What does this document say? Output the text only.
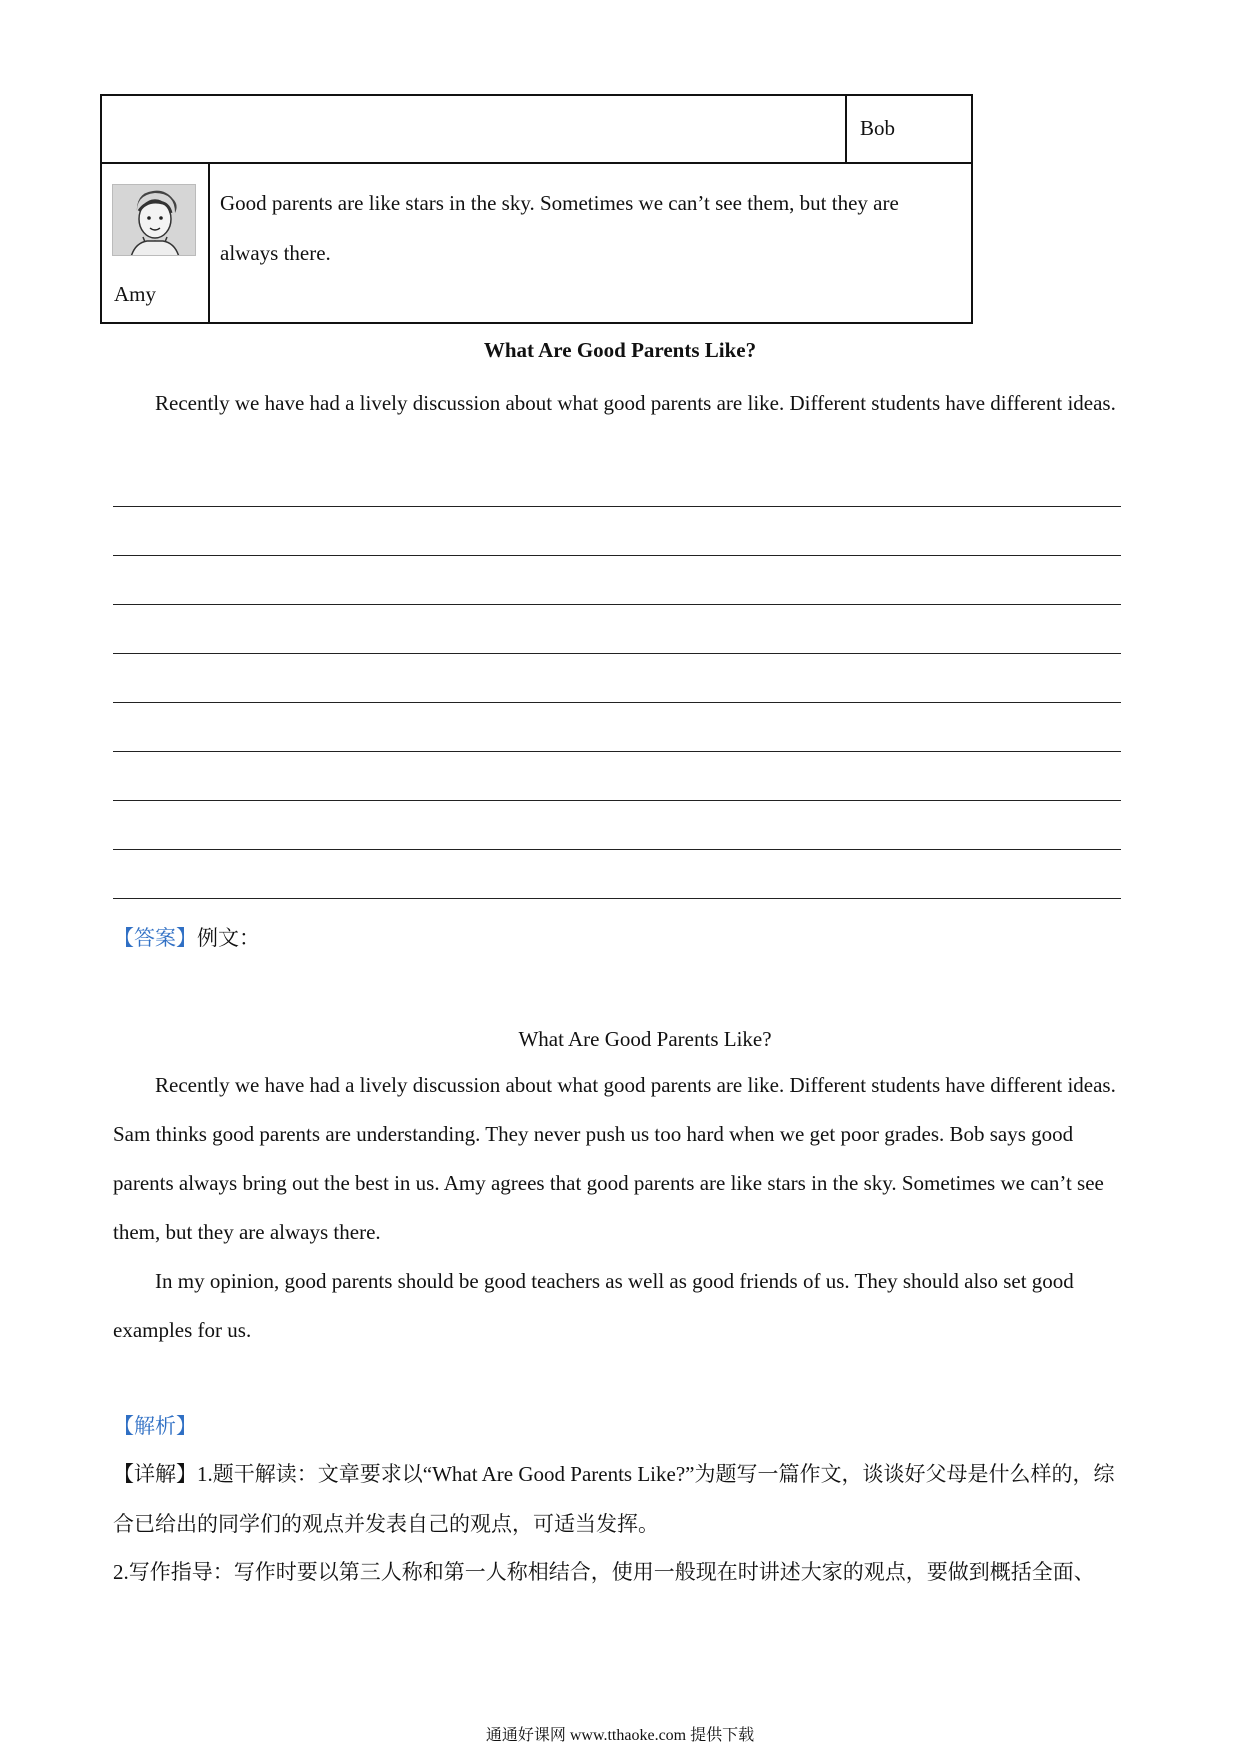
Bob
Amy
Good parents are like stars in the sky. Sometimes we can’t see them, but they are always there.
What Are Good Parents Like?
Recently we have had a lively discussion about what good parents are like. Different students have different ideas.
【答案】例文：
What Are Good Parents Like?
Recently we have had a lively discussion about what good parents are like. Different students have different ideas. Sam thinks good parents are understanding. They never push us too hard when we get poor grades. Bob says good parents always bring out the best in us. Amy agrees that good parents are like stars in the sky. Sometimes we can’t see them, but they are always there.
In my opinion, good parents should be good teachers as well as good friends of us. They should also set good examples for us.
【解析】
【详解】1.题干解读：文章要求以“What Are Good Parents Like?”为题写一篇作文，谈谈好父母是什么样的，综合已给出的同学们的观点并发表自己的观点，可适当发挥。
2.写作指导：写作时要以第三人称和第一人称相结合，使用一般现在时讲述大家的观点，要做到概括全面、
通通好课网 www.tthaoke.com 提供下载
